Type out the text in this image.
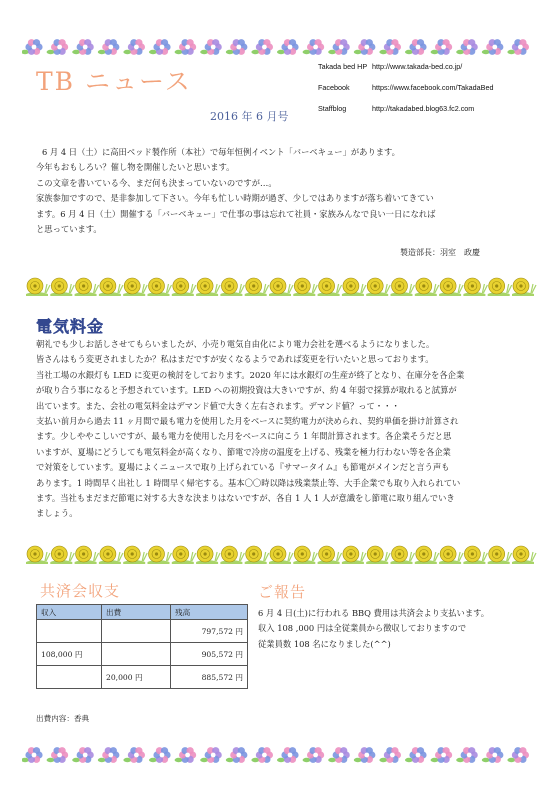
TB ニュース
2016 年 6 月号
Takada bed HP http://www.takada-bed.co.jp/
Facebook	https://www.facebook.com/TakadaBed
Staffblog	http://takadabed.blog63.fc2.com
6 月 4 日（土）に高田ベッド製作所（本社）で毎年恒例イベント「バーベキュー」があります。
今年もおもしろい？催し物を開催したいと思います。
この文章を書いている今、まだ何も決まっていないのですが…。
家族参加ですので、是非参加して下さい。今年も忙しい時期が過ぎ、少しではありますが落ち着いてきてい
ます。6 月 4 日（土）開催する「バーベキュー」で仕事の事は忘れて社員・家族みんなで良い一日になれば
と思っています。
製造部長：羽室　政慶
電気料金
朝礼でも少しお話しさせてもらいましたが、小売り電気自由化により電力会社を選べるようになりました。
皆さんはもう変更されましたか？私はまだですが安くなるようであれば変更を行いたいと思っております。
当社工場の水銀灯も LED に変更の検討をしております。2020 年には水銀灯の生産が終了となり、在庫分を各企業
が取り合う事になると予想されています。LED への初期投資は大きいですが、約 4 年弱で採算が取れると試算が
出ています。また、会社の電気料金はデマンド値で大きく左右されます。デマンド値？って・・・
支払い前月から過去 11 ヶ月間で最も電力を使用した月をベースに契約電力が決められ、契約単価を掛け計算され
ます。少しややこしいですが、最も電力を使用した月をベースに向こう 1 年間計算されます。各企業そうだと思
いますが、夏場にどうしても電気料金が高くなり、節電で冷房の温度を上げる、残業を極力行わない等を各企業
で対策をしています。夏場によくニュースで取り上げられている『サマータイム』も節電がメインだと言う声も
あります。1 時間早く出社し 1 時間早く帰宅する。基本〇〇時以降は残業禁止等、大手企業でも取り入れられてい
ます。当社もまだまだ節電に対する大きな決まりはないですが、各自 1 人 1 人が意識をし節電に取り組んでいき
ましょう。
共済会収支
収入	出費	残高
		797,572 円
108,000 円		905,572 円
	20,000 円	885,572 円
出費内容：香典
ご報告
6 月 4 日(土)に行われる BBQ 費用は共済会より支払います。
収入 108 ,000 円は全従業員から徴収しておりますので
従業員数 108 名になりました(^^)
